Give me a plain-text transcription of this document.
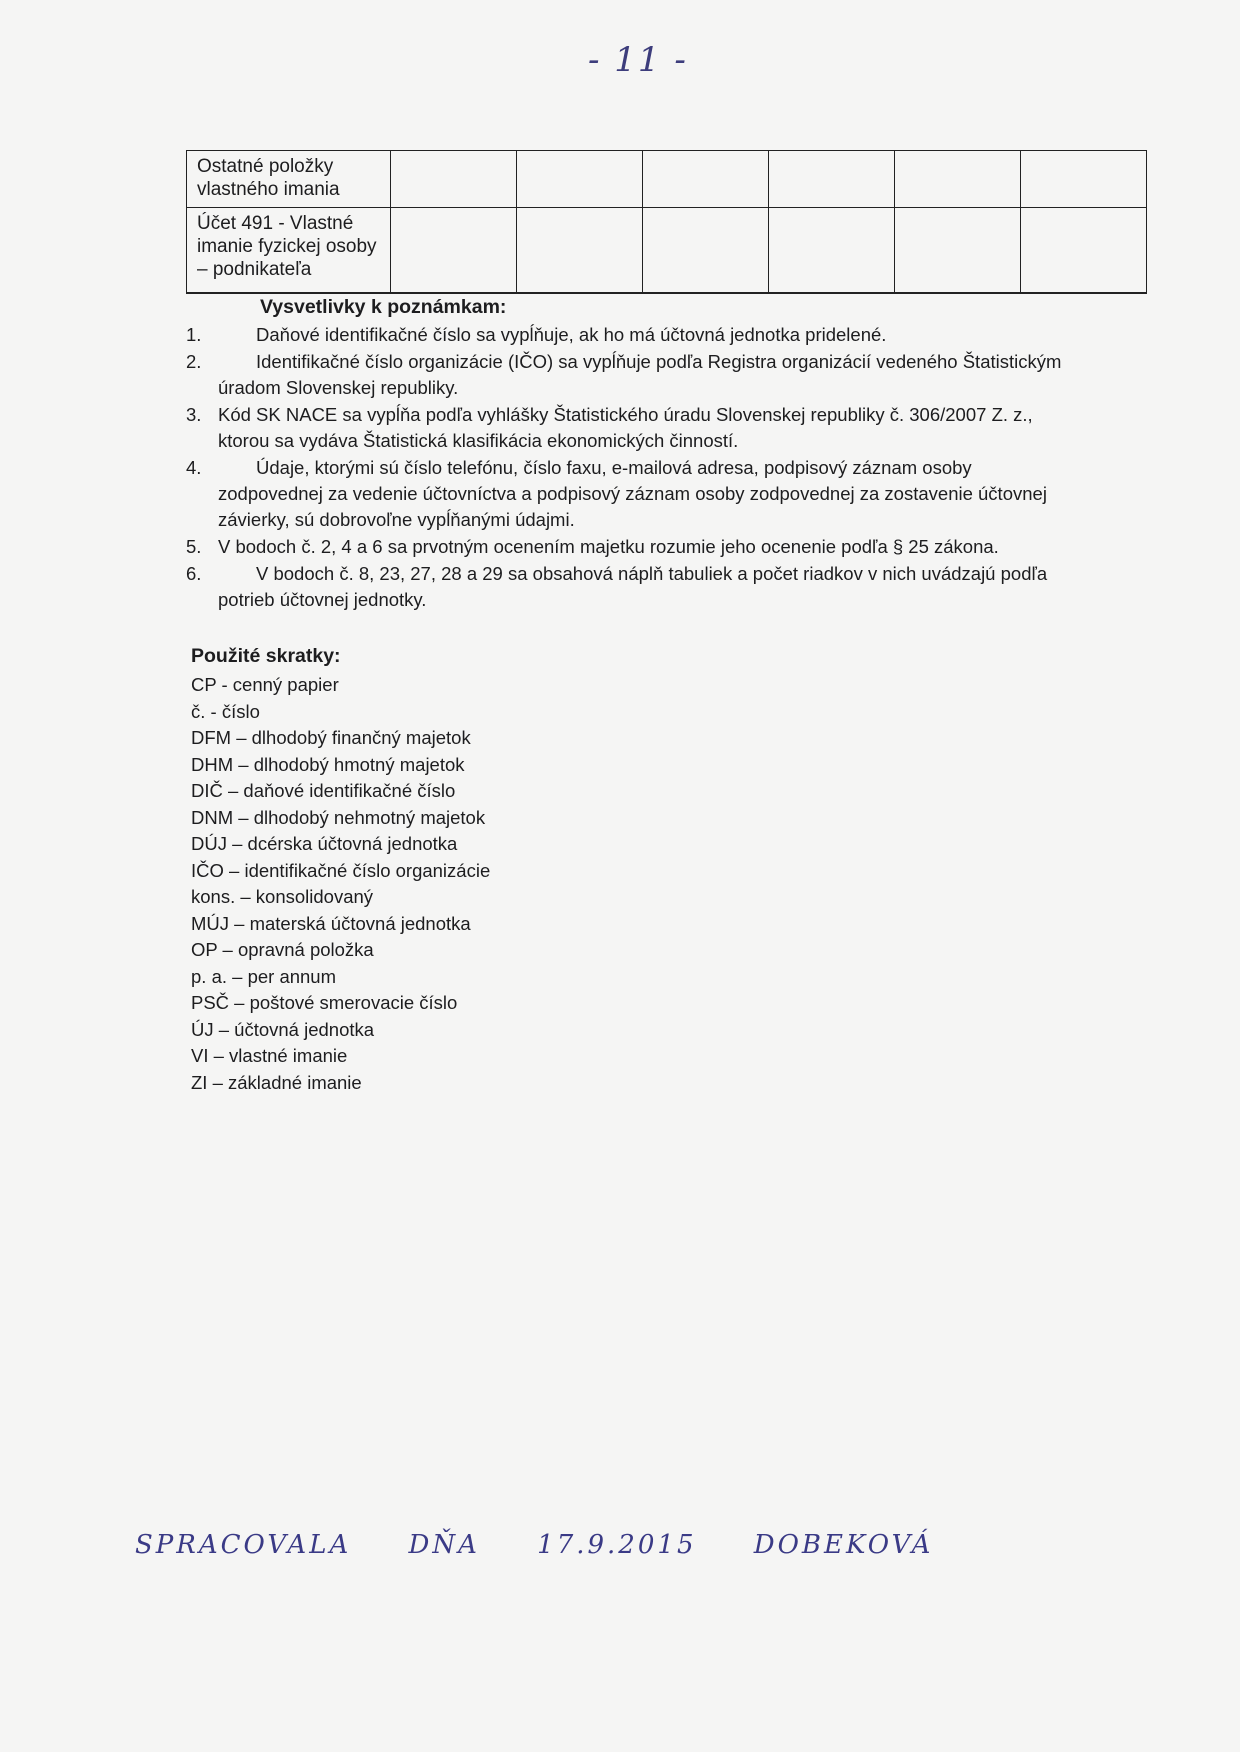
- 11 -
Ostatné položky vlastného imania						
Účet 491 - Vlastné imanie fyzickej osoby – podnikateľa						
Vysvetlivky k poznámkam:
1.	Daňové identifikačné číslo sa vypĺňuje, ak ho má účtovná jednotka pridelené.
2.	Identifikačné číslo organizácie (IČO) sa vypĺňuje podľa Registra organizácií vedeného Štatistickým úradom Slovenskej republiky.
3. Kód SK NACE sa vypĺňa podľa vyhlášky Štatistického úradu Slovenskej republiky č. 306/2007 Z. z., ktorou sa vydáva Štatistická klasifikácia ekonomických činností.
4.	Údaje, ktorými sú číslo telefónu, číslo faxu, e-mailová adresa, podpisový záznam osoby zodpovednej za vedenie účtovníctva a podpisový záznam osoby zodpovednej za zostavenie účtovnej závierky, sú dobrovoľne vypĺňanými údajmi.
5. V bodoch č. 2, 4 a 6 sa prvotným ocenením majetku rozumie jeho ocenenie podľa § 25 zákona.
6.	V bodoch č. 8, 23, 27, 28 a 29 sa obsahová náplň tabuliek a počet riadkov v nich uvádzajú podľa potrieb účtovnej jednotky.
Použité skratky:
CP - cenný papier
č. - číslo
DFM – dlhodobý finančný majetok
DHM – dlhodobý hmotný majetok
DIČ – daňové identifikačné číslo
DNM – dlhodobý nehmotný majetok
DÚJ – dcérska účtovná jednotka
IČO – identifikačné číslo organizácie
kons. – konsolidovaný
MÚJ – materská účtovná jednotka
OP – opravná položka
p. a. – per annum
PSČ – poštové smerovacie číslo
ÚJ – účtovná jednotka
VI – vlastné imanie
ZI – základné imanie
SPRACOVALA DŇA 17.9.2015 DOBEKOVÁ
